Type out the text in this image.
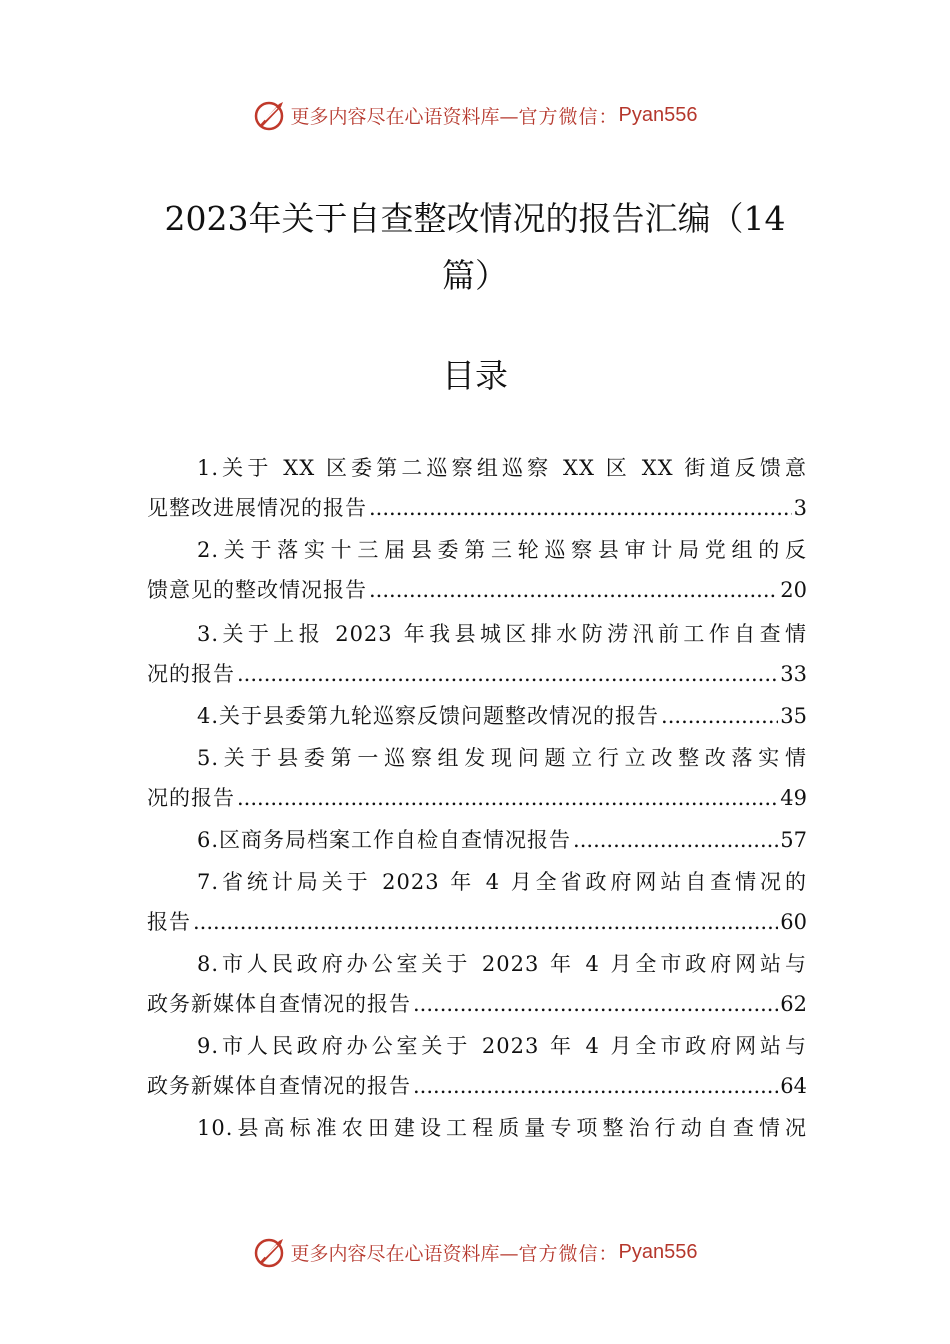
更多内容尽在心语资料库— 官方微信： Pyan556
2023年关于自查整改情况的报告汇编（14
篇）
目录
1.关于 XX 区委第二巡察组巡察 XX 区 XX 街道反馈意
见整改进展情况的报告 .....	3
2.关于落实十三届县委第三轮巡察县审计局党组的反
馈意见的整改情况报告 .....	20
3.关于上报 2023 年我县城区排水防涝汛前工作自查情
况的报告 .....	33
4.关于县委第九轮巡察反馈问题整改情况的报告 .....	35
5.关于县委第一巡察组发现问题立行立改整改落实情
况的报告 .....	49
6.区商务局档案工作自检自查情况报告 .....	57
7.省统计局关于 2023 年 4 月全省政府网站自查情况的
报告 .....	60
8.市人民政府办公室关于 2023 年 4 月全市政府网站与
政务新媒体自查情况的报告 .....	62
9.市人民政府办公室关于 2023 年 4 月全市政府网站与
政务新媒体自查情况的报告 .....	64
10.县高标准农田建设工程质量专项整治行动自查情况
更多内容尽在心语资料库— 官方微信： Pyan556
